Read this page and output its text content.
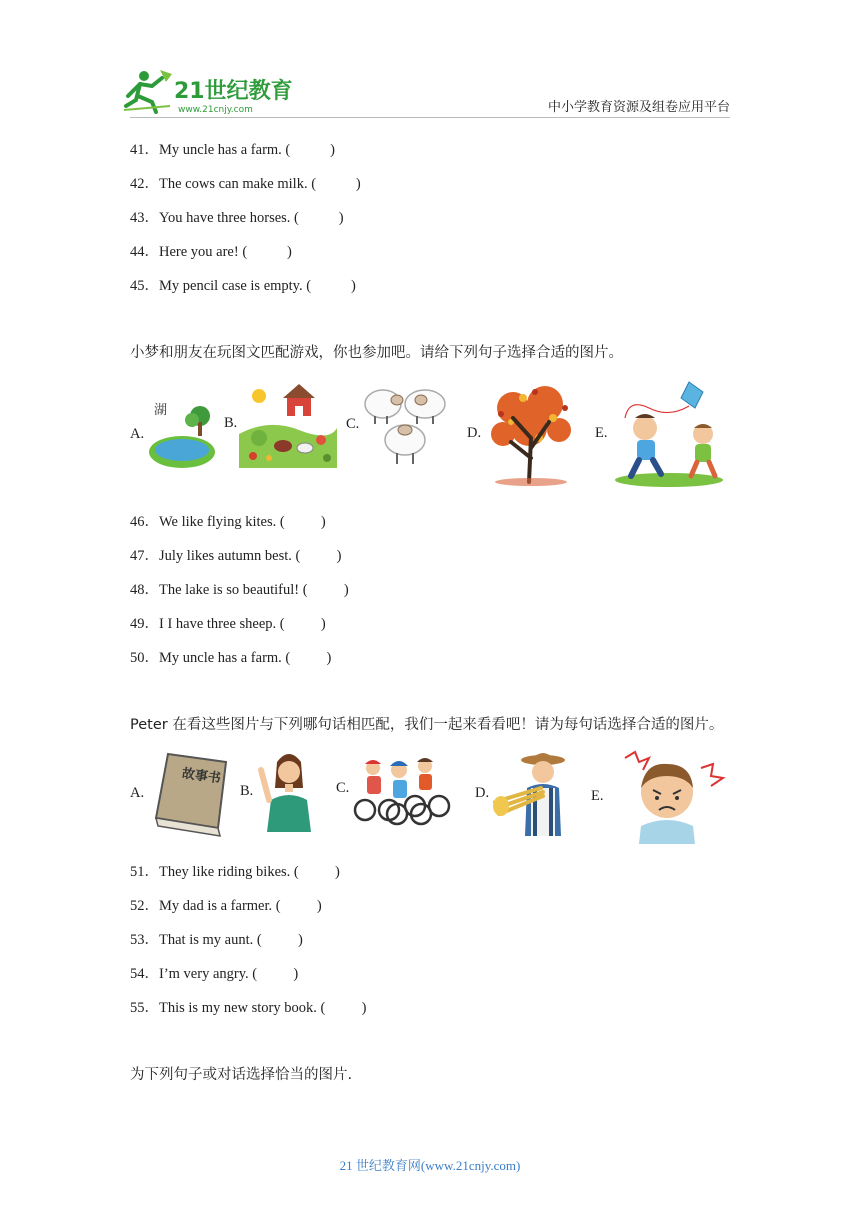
21世纪教育
www.21cnjy.com	中小学教育资源及组卷应用平台
41．My uncle has a farm. (           )
42．The cows can make milk. (           )
43．You have three horses. (           )
44．Here you are! (           )
45．My pencil case is empty. (           )
小梦和朋友在玩图文匹配游戏，你也参加吧。请给下列句子选择合适的图片。
A.
湖
B.	C.
D.	E.
46．We like flying kites. (          )
47．July likes autumn best. (          )
48．The lake is so beautiful! (          )
49．I I have three sheep. (          )
50．My uncle has a farm. (          )
Peter 在看这些图片与下列哪句话相匹配，我们一起来看看吧！请为每句话选择合适的图片。
A.
故事书
B.	C.	D.	E.
51．They like riding bikes. (          )
52．My dad is a farmer. (          )
53．That is my aunt. (          )
54．I’m very angry. (          )
55．This is my new story book. (          )
为下列句子或对话选择恰当的图片.
21 世纪教育网(www.21cnjy.com)
